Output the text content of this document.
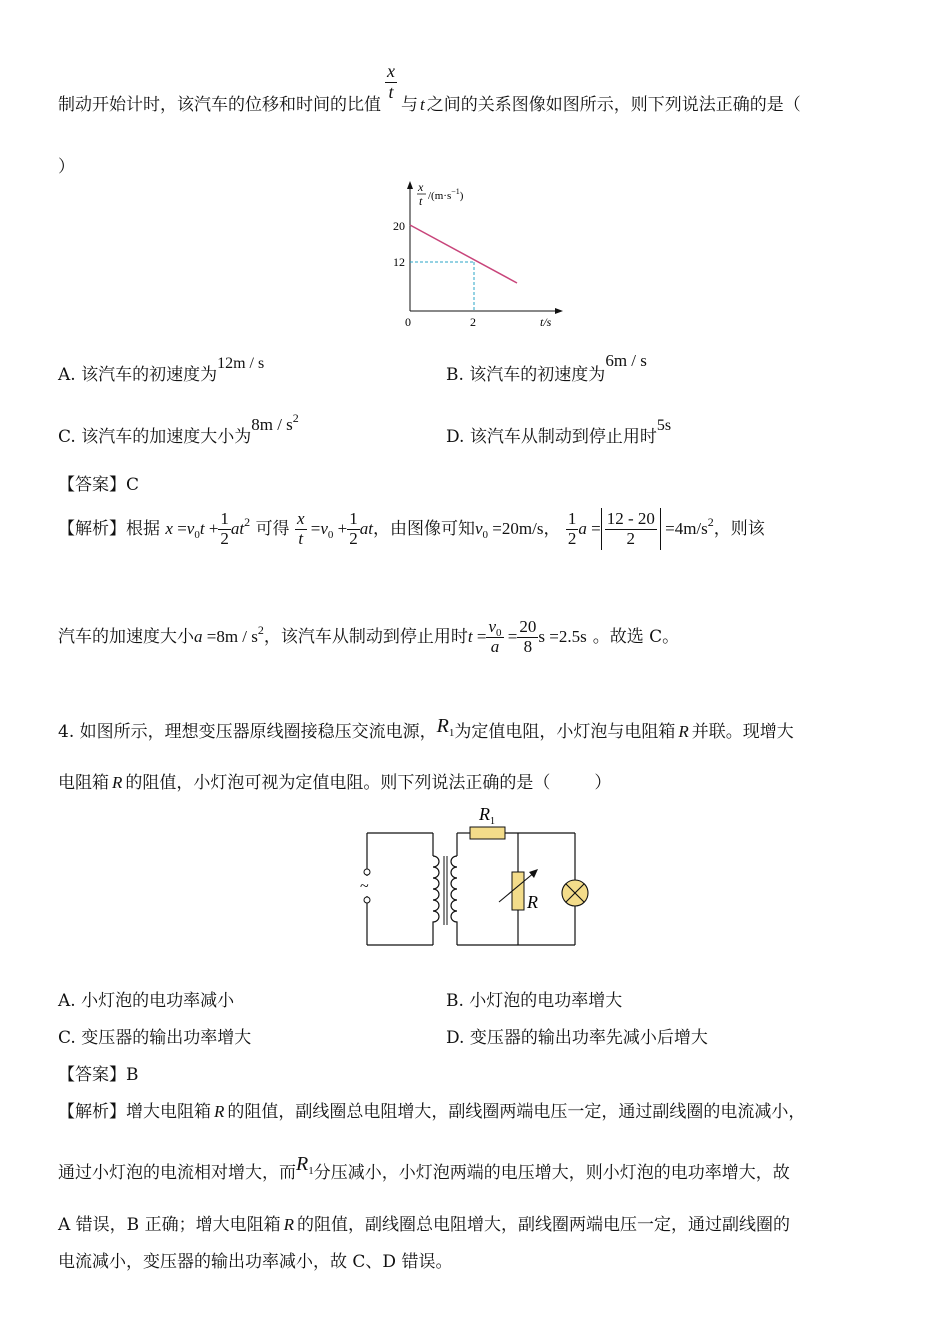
制动开始计时，该汽车的位移和时间的比值
$\frac{x}{t}$
与 t 之间的关系图像如图所示，则下列说法正确的是（
）
x
t $/(m\cdot s^{-1})$
20
12
0	2	t/s
A. 该汽车的初速度为12m / s
B. 该汽车的初速度为6m / s
C. 该汽车的加速度大小为$8m / s^2$
D. 该汽车从制动到停止用时5s
【答案】C
【解析】根据 $x =v_0t + \frac{1}{2} at^2$ 可得 $\frac{x}{t} =v_0 + \frac{1}{2}$ at，由图像可知$v_0 =20m/s$， $\frac{1}{2}$ $a = \frac{12 - 20}{2} =4m/s^2$，则该
汽车的加速度大小$a =8m / s^2$，该汽车从制动到停止用时$t = \frac{v_0}{a} = \frac{20}{8}$ s =2.5s 。故选 C。
4. 如图所示，理想变压器原线圈接稳压交流电源，$R_1$为定值电阻，小灯泡与电阻箱 R 并联。现增大
电阻箱 R 的阻值，小灯泡可视为定值电阻。则下列说法正确的是（	）
~
$R_1$
R
A. 小灯泡的电功率减小	B. 小灯泡的电功率增大
C. 变压器的输出功率增大	D. 变压器的输出功率先减小后增大
【答案】B
【解析】增大电阻箱 R 的阻值，副线圈总电阻增大，副线圈两端电压一定，通过副线圈的电流减小，
通过小灯泡的电流相对增大，而$R_1$分压减小，小灯泡两端的电压增大，则小灯泡的电功率增大，故
A 错误，B 正确；增大电阻箱 R 的阻值，副线圈总电阻增大，副线圈两端电压一定，通过副线圈的
电流减小，变压器的输出功率减小，故 C、D 错误。
